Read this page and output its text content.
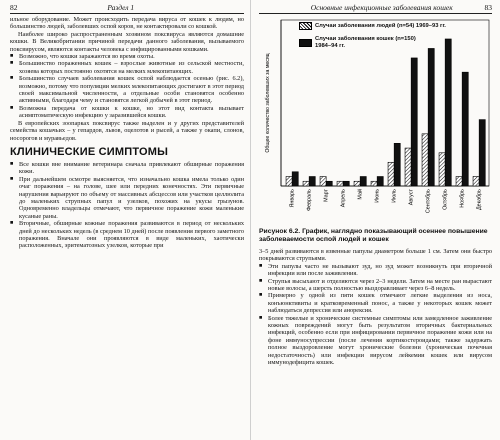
82	Раздел 1

ильное оборудование. Может происходить передача вируса от кошек к людям, но большинство людей, заболевших оспой коров, не контактировали со кошкой.

Наиболее широко распространенным хозяином поксвируса являются домашние кошки. В Великобритании причиной передачи данного заболевания, вызываемого поксвирусом, являются контакты человека с инфицированными кошками.

■ Возможно, что кошки заражаются во время охоты.
■ Большинство пораженных кошек – взрослые животные из сельской местности, хозяева которых постоянно охотятся на мелких млекопитающих.
■ Большинство случаев заболевания кошек оспой наблюдается осенью (рис. 6.2), возможно, потому что популяции мелких млекопитающих достигают в этот период своей максимальной численности, а отдельные особи становятся особенно активными, благодаря чему и становятся легкой добычей в этот период.
■ Возможна передача от кошки к кошке, но этот вид контакта вызывает асимптоматическую инфекцию у заразившейся кошки.

В европейских зоопарках поксвирус также выделен и у других представителей семейства кошачьих – у гепардов, львов, оцелотов и рысей, а также у окапи, слонов, носорогов и муравьедов.

КЛИНИЧЕСКИЕ СИМПТОМЫ
■ Все кошки вне внимание ветеринара сначала привлекают обширные поражения кожи.
■ При дальнейшем осмотре выясняется, что изначально кошка имела только один очаг поражения – на голове, шее или передних конечностях. Эти первичные нарушения варьируют по объему от массивных абсцессов или участков целлюлита до маленьких струпных папул и узелков, похожих на укусы грызунов. Одновременно владельцы отмечают, что первичное поражение кожи маленькие кусаные раны.
■ Вторичные, обширные кожные поражения развиваются в период от нескольких дней до нескольких недель (в среднем 10 дней) после появления первого заметного поражения. Вначале они проявляются в виде маленьких, хаотически расположенных, эритематозных узелков, которые при
Основные инфекционные заболевания кошек	83
Общее количество заболевших за месяц
Январь Февраль Март Апрель Май Июнь Июль Август Сентябрь Октябрь Ноябрь Декабрь
Случаи заболевания людей (n=54) 1969–93 гг.
Случаи заболевания кошек (n=150) 1984–94 гг.
Рисунок 6.2. График, наглядно показывающий осеннее повышение заболеваемости оспой людей и кошек

3–5 дней развиваются в язвенные папулы диаметром больше 1 см. Затем они быстро покрываются струпьями.

■ Эти папулы часто не вызывают зуд, но зуд может возникнуть при вторичной инфекции или после заживления.
■ Струпья высыхают и отделяются через 2–3 недели. Затем на месте ран вырастают новые волосы, а шерсть полностью выздоравливает через 6–8 недель.
■ Примерно у одной из пяти кошек отмечают легкие выделения из носа, конъюнктивиты и кратковременный понос, а также у некоторых кошек может наблюдаться депрессия или анорексия.
■ Более тяжелые и хронические системные симптомы или замедленное заживление кожных повреждений могут быть результатом вторичных бактериальных инфекций, особенно если при инфицировании первичное поражение кожи или на фоне иммуносупрессии (после лечения кортикостероидами; также задержать полное выздоровление могут хронические болезни (хроническая почечная недостаточность) или инфекции вирусом лейкемии кошек или вирусом иммунодефицита кошек.
